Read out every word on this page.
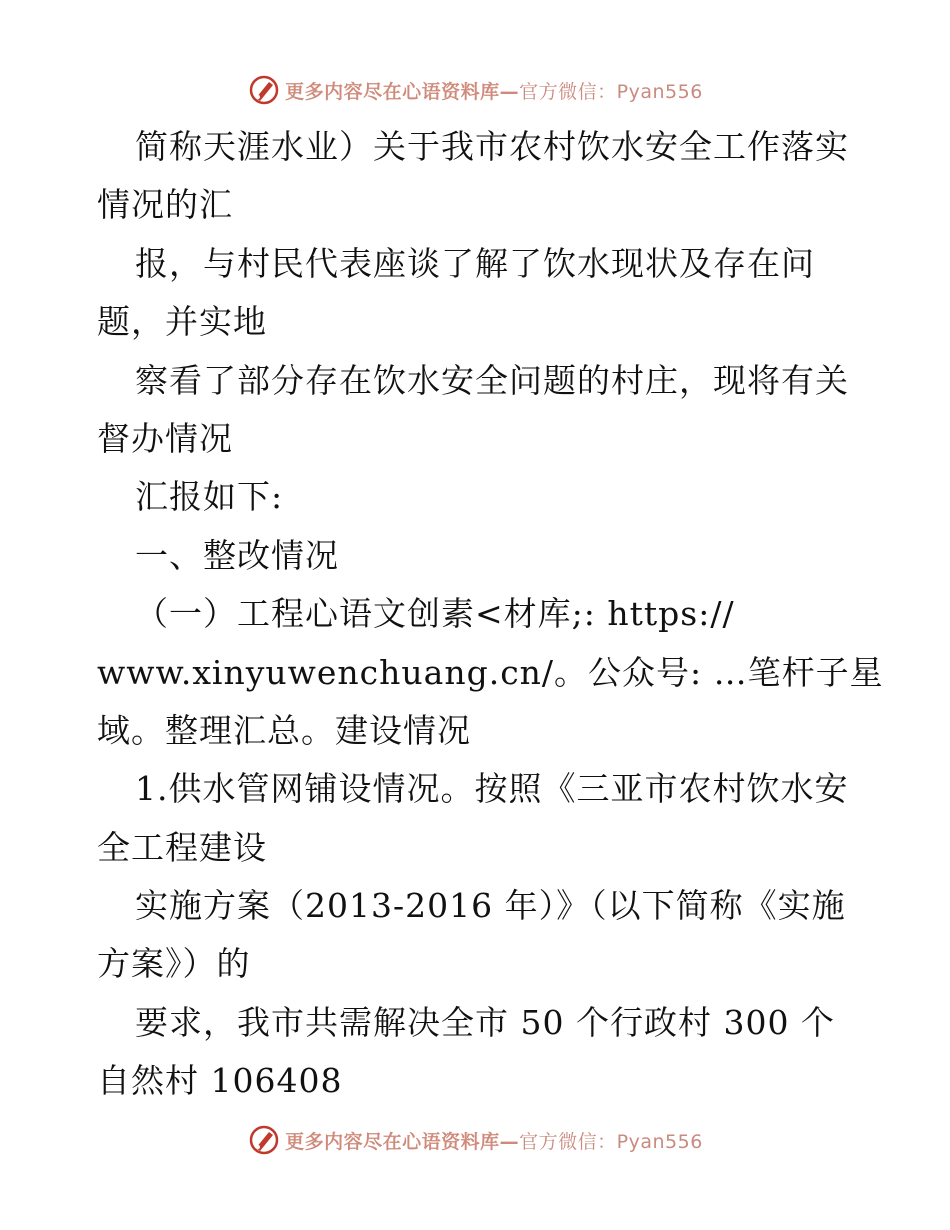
更多内容尽在心语资料库—官方微信：Pyan556
简称天涯水业）关于我市农村饮水安全工作落实
情况的汇
报，与村民代表座谈了解了饮水现状及存在问
题，并实地
察看了部分存在饮水安全问题的村庄，现将有关
督办情况
汇报如下:
一、整改情况
（一）工程心语文创素<材库;: https://
www.xinyuwenchuang.cn/。公众号: …笔杆子星
域。整理汇总。建设情况
1.供水管网铺设情况。按照《三亚市农村饮水安
全工程建设
实施方案（2013-2016 年）》（以下简称《实施
方案》）的
要求，我市共需解决全市 50 个行政村 300 个
自然村 106408
更多内容尽在心语资料库—官方微信：Pyan556
